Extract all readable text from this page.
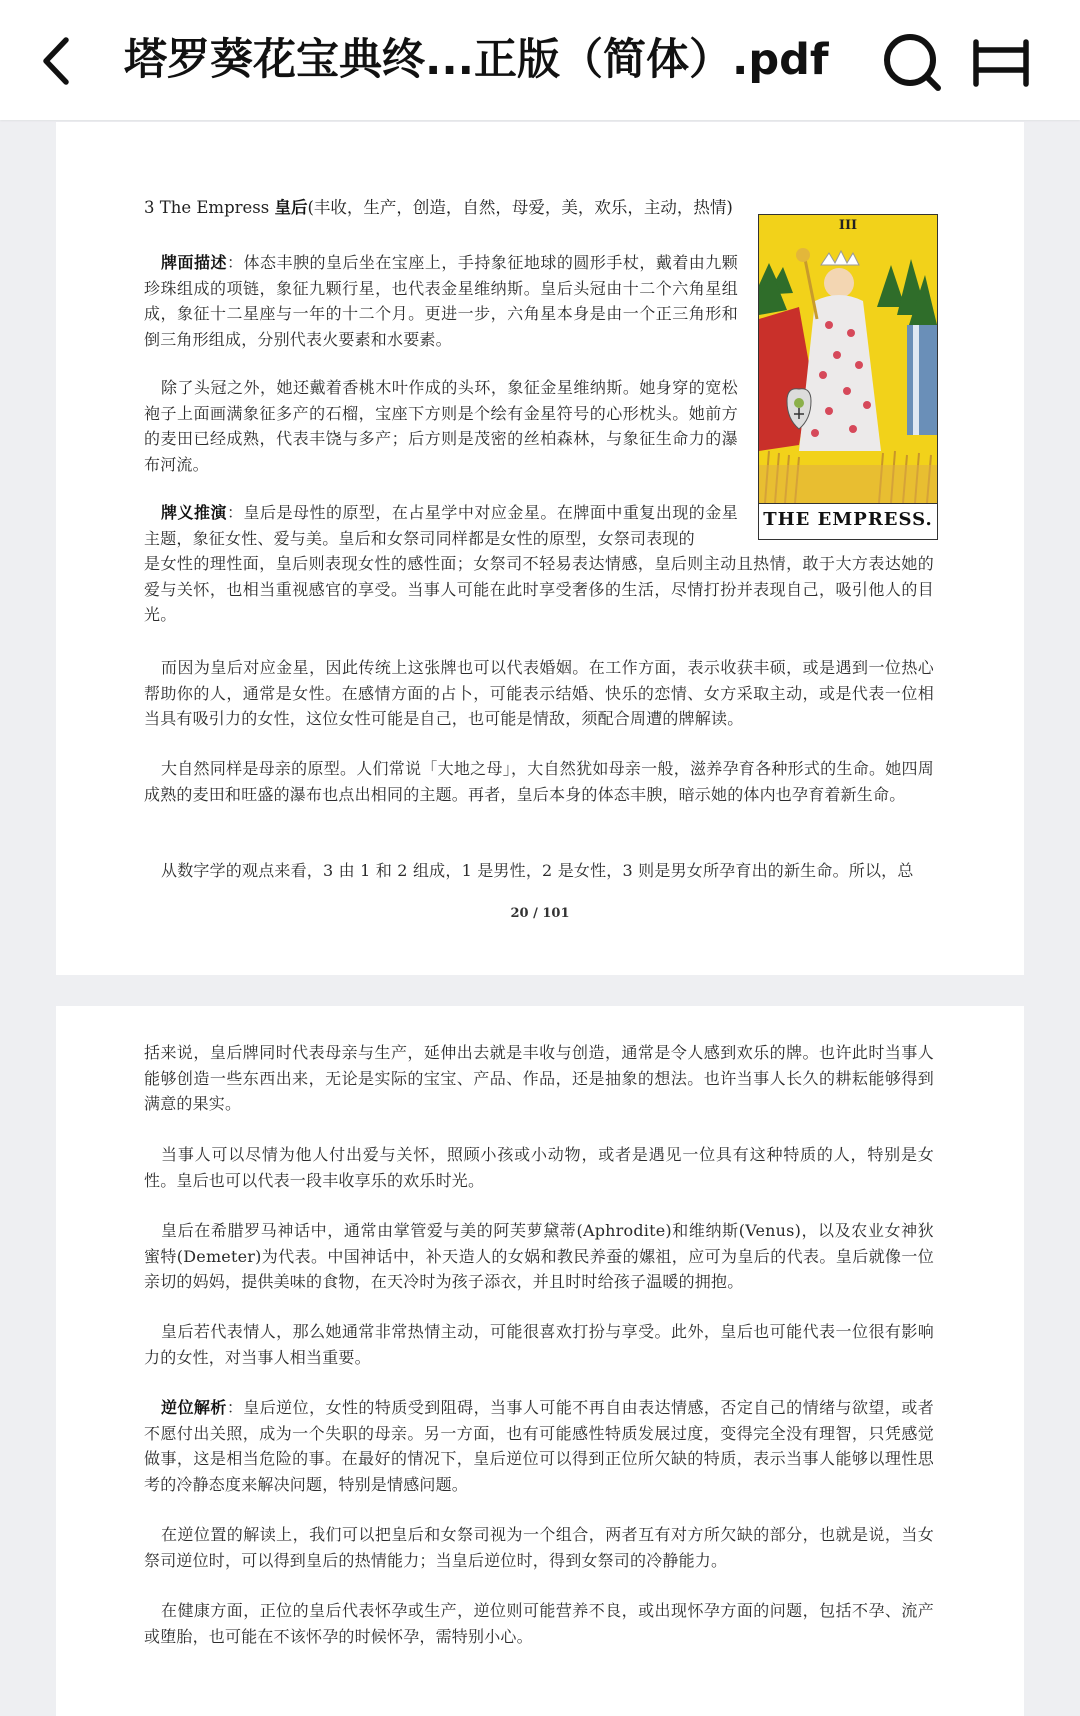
塔罗葵花宝典终...正版（简体）.pdf

3 The Empress 皇后(丰收，生产，创造，自然，母爱，美，欢乐，主动，热情)

牌面描述：体态丰腴的皇后坐在宝座上，手持象征地球的圆形手杖，戴着由九颗珍珠组成的项链，象征九颗行星，也代表金星维纳斯。皇后头冠由十二个六角星组成，象征十二星座与一年的十二个月。更进一步，六角星本身是由一个正三角形和倒三角形组成，分别代表火要素和水要素。

除了头冠之外，她还戴着香桃木叶作成的头环，象征金星维纳斯。她身穿的宽松袍子上面画满象征多产的石榴，宝座下方则是个绘有金星符号的心形枕头。她前方的麦田已经成熟，代表丰饶与多产；后方则是茂密的丝柏森林，与象征生命力的瀑布河流。

牌义推演：皇后是母性的原型，在占星学中对应金星。在牌面中重复出现的金星主题，象征女性、爱与美。皇后和女祭司同样都是女性的原型，女祭司表现的

是女性的理性面，皇后则表现女性的感性面；女祭司不轻易表达情感，皇后则主动且热情，敢于大方表达她的爱与关怀，也相当重视感官的享受。当事人可能在此时享受奢侈的生活，尽情打扮并表现自己，吸引他人的目光。

而因为皇后对应金星，因此传统上这张牌也可以代表婚姻。在工作方面，表示收获丰硕，或是遇到一位热心帮助你的人，通常是女性。在感情方面的占卜，可能表示结婚、快乐的恋情、女方采取主动，或是代表一位相当具有吸引力的女性，这位女性可能是自己，也可能是情敌，须配合周遭的牌解读。

大自然同样是母亲的原型。人们常说「大地之母」，大自然犹如母亲一般，滋养孕育各种形式的生命。她四周成熟的麦田和旺盛的瀑布也点出相同的主题。再者，皇后本身的体态丰腴，暗示她的体内也孕育着新生命。

从数字学的观点来看，3 由 1 和 2 组成，1 是男性，2 是女性，3 则是男女所孕育出的新生命。所以，总

20 / 101
III
THE EMPRESS.

括来说，皇后牌同时代表母亲与生产，延伸出去就是丰收与创造，通常是令人感到欢乐的牌。也许此时当事人能够创造一些东西出来，无论是实际的宝宝、产品、作品，还是抽象的想法。也许当事人长久的耕耘能够得到满意的果实。

当事人可以尽情为他人付出爱与关怀，照顾小孩或小动物，或者是遇见一位具有这种特质的人，特别是女性。皇后也可以代表一段丰收享乐的欢乐时光。

皇后在希腊罗马神话中，通常由掌管爱与美的阿芙萝黛蒂(Aphrodite)和维纳斯(Venus)，以及农业女神狄蜜特(Demeter)为代表。中国神话中，补天造人的女娲和教民养蚕的嫘祖，应可为皇后的代表。皇后就像一位亲切的妈妈，提供美味的食物，在天冷时为孩子添衣，并且时时给孩子温暖的拥抱。

皇后若代表情人，那么她通常非常热情主动，可能很喜欢打扮与享受。此外，皇后也可能代表一位很有影响力的女性，对当事人相当重要。

逆位解析：皇后逆位，女性的特质受到阻碍，当事人可能不再自由表达情感，否定自己的情绪与欲望，或者不愿付出关照，成为一个失职的母亲。另一方面，也有可能感性特质发展过度，变得完全没有理智，只凭感觉做事，这是相当危险的事。在最好的情况下，皇后逆位可以得到正位所欠缺的特质，表示当事人能够以理性思考的冷静态度来解决问题，特别是情感问题。

在逆位置的解读上，我们可以把皇后和女祭司视为一个组合，两者互有对方所欠缺的部分，也就是说，当女祭司逆位时，可以得到皇后的热情能力；当皇后逆位时，得到女祭司的冷静能力。

在健康方面，正位的皇后代表怀孕或生产，逆位则可能营养不良，或出现怀孕方面的问题，包括不孕、流产或堕胎，也可能在不该怀孕的时候怀孕，需特别小心。
